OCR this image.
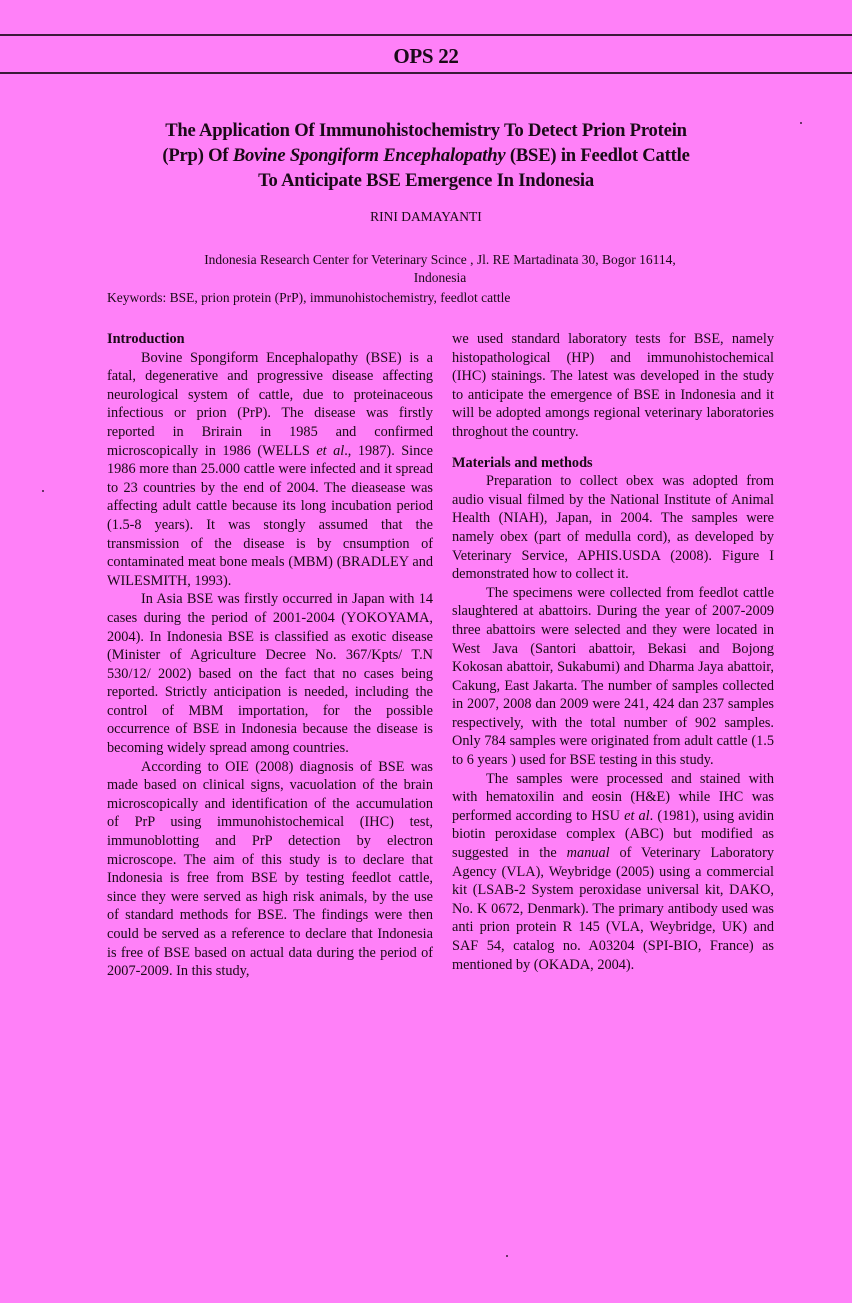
OPS 22
The Application Of Immunohistochemistry To Detect Prion Protein
(Prp) Of Bovine Spongiform Encephalopathy (BSE) in Feedlot Cattle
To Anticipate BSE Emergence In Indonesia
RINI DAMAYANTI
Indonesia Research Center for Veterinary Scince , Jl. RE Martadinata 30, Bogor 16114,
Indonesia
Keywords: BSE, prion protein (PrP), immunohistochemistry, feedlot cattle
Introduction

Bovine Spongiform Encephalopathy (BSE) is a fatal, degenerative and progressive disease affecting neurological system of cattle, due to proteinaceous infectious or prion (PrP). The disease was firstly reported in Brirain in 1985 and confirmed microscopically in 1986 (WELLS et al., 1987). Since 1986 more than 25.000 cattle were infected and it spread to 23 countries by the end of 2004. The dieasease was affecting adult cattle because its long incubation period (1.5-8 years). It was stongly assumed that the transmission of the disease is by cnsumption of contaminated meat bone meals (MBM) (BRADLEY and WILESMITH, 1993).

In Asia BSE was firstly occurred in Japan with 14 cases during the period of 2001-2004 (YOKOYAMA, 2004). In Indonesia BSE is classified as exotic disease (Minister of Agriculture Decree No. 367/Kpts/ T.N 530/12/ 2002) based on the fact that no cases being reported. Strictly anticipation is needed, including the control of MBM importation, for the possible occurrence of BSE in Indonesia because the disease is becoming widely spread among countries.

According to OIE (2008) diagnosis of BSE was made based on clinical signs, vacuolation of the brain microscopically and identification of the accumulation of PrP using immunohistochemical (IHC) test, immunoblotting and PrP detection by electron microscope. The aim of this study is to declare that Indonesia is free from BSE by testing feedlot cattle, since they were served as high risk animals, by the use of standard methods for BSE. The findings were then could be served as a reference to declare that Indonesia is free of BSE based on actual data during the period of 2007-2009. In this study,

we used standard laboratory tests for BSE, namely histopathological (HP) and immunohistochemical (IHC) stainings. The latest was developed in the study to anticipate the emergence of BSE in Indonesia and it will be adopted amongs regional veterinary laboratories throghout the country.

Materials and methods

Preparation to collect obex was adopted from audio visual filmed by the National Institute of Animal Health (NIAH), Japan, in 2004. The samples were namely obex (part of medulla cord), as developed by Veterinary Service, APHIS.USDA (2008). Figure I demonstrated how to collect it.

The specimens were collected from feedlot cattle slaughtered at abattoirs. During the year of 2007-2009 three abattoirs were selected and they were located in West Java (Santori abattoir, Bekasi and Bojong Kokosan abattoir, Sukabumi) and Dharma Jaya abattoir, Cakung, East Jakarta. The number of samples collected in 2007, 2008 dan 2009 were 241, 424 dan 237 samples respectively, with the total number of 902 samples. Only 784 samples were originated from adult cattle (1.5 to 6 years ) used for BSE testing in this study.

The samples were processed and stained with with hematoxilin and eosin (H&E) while IHC was performed according to HSU et al. (1981), using avidin biotin peroxidase complex (ABC) but modified as suggested in the manual of Veterinary Laboratory Agency (VLA), Weybridge (2005) using a commercial kit (LSAB-2 System peroxidase universal kit, DAKO, No. K 0672, Denmark). The primary antibody used was anti prion protein R 145 (VLA, Weybridge, UK) and SAF 54, catalog no. A03204 (SPI-BIO, France) as mentioned by (OKADA, 2004).
